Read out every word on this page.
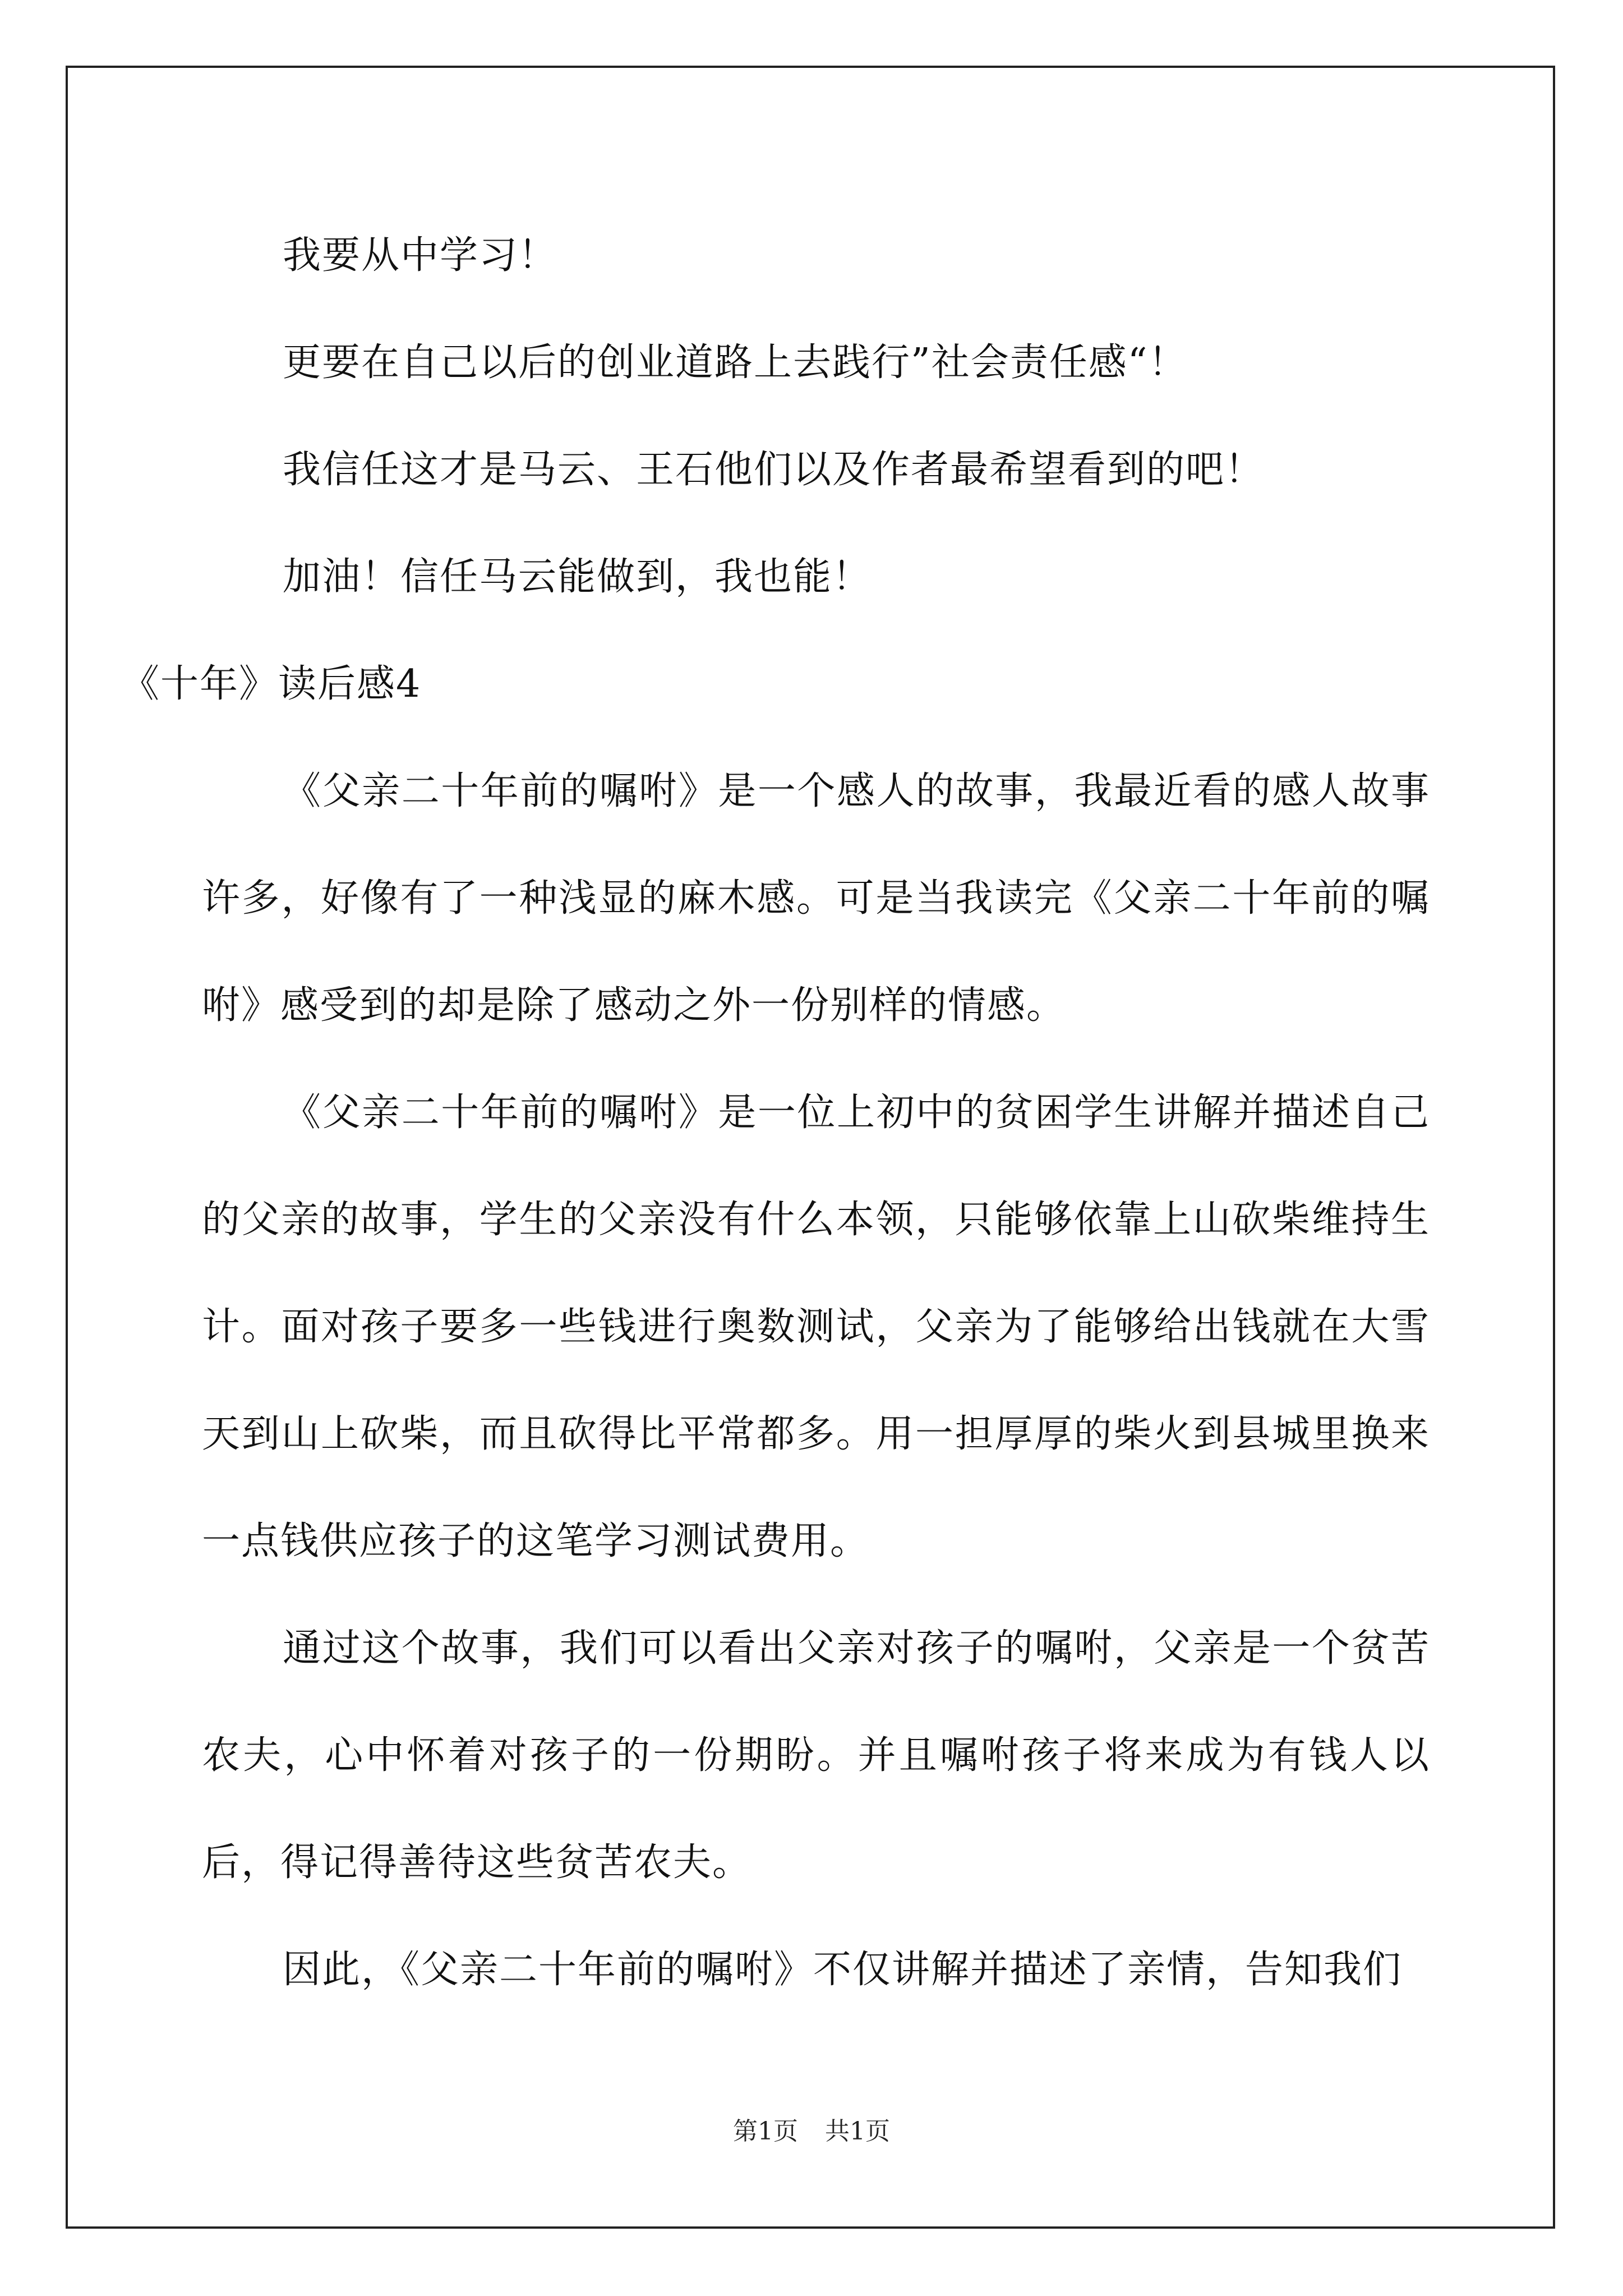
我要从中学习！

更要在自己以后的创业道路上去践行”社会责任感“！

我信任这才是马云、王石他们以及作者最希望看到的吧！

加油！信任马云能做到，我也能！

《十年》读后感4

《父亲二十年前的嘱咐》是一个感人的故事，我最近看的感人故事许多，好像有了一种浅显的麻木感。可是当我读完《父亲二十年前的嘱咐》感受到的却是除了感动之外一份别样的情感。

《父亲二十年前的嘱咐》是一位上初中的贫困学生讲解并描述自己的父亲的故事，学生的父亲没有什么本领，只能够依靠上山砍柴维持生计。面对孩子要多一些钱进行奥数测试，父亲为了能够给出钱就在大雪天到山上砍柴，而且砍得比平常都多。用一担厚厚的柴火到县城里换来一点钱供应孩子的这笔学习测试费用。

通过这个故事，我们可以看出父亲对孩子的嘱咐，父亲是一个贫苦农夫，心中怀着对孩子的一份期盼。并且嘱咐孩子将来成为有钱人以后，得记得善待这些贫苦农夫。

因此，《父亲二十年前的嘱咐》不仅讲解并描述了亲情，告知我们

第1页 共1页
